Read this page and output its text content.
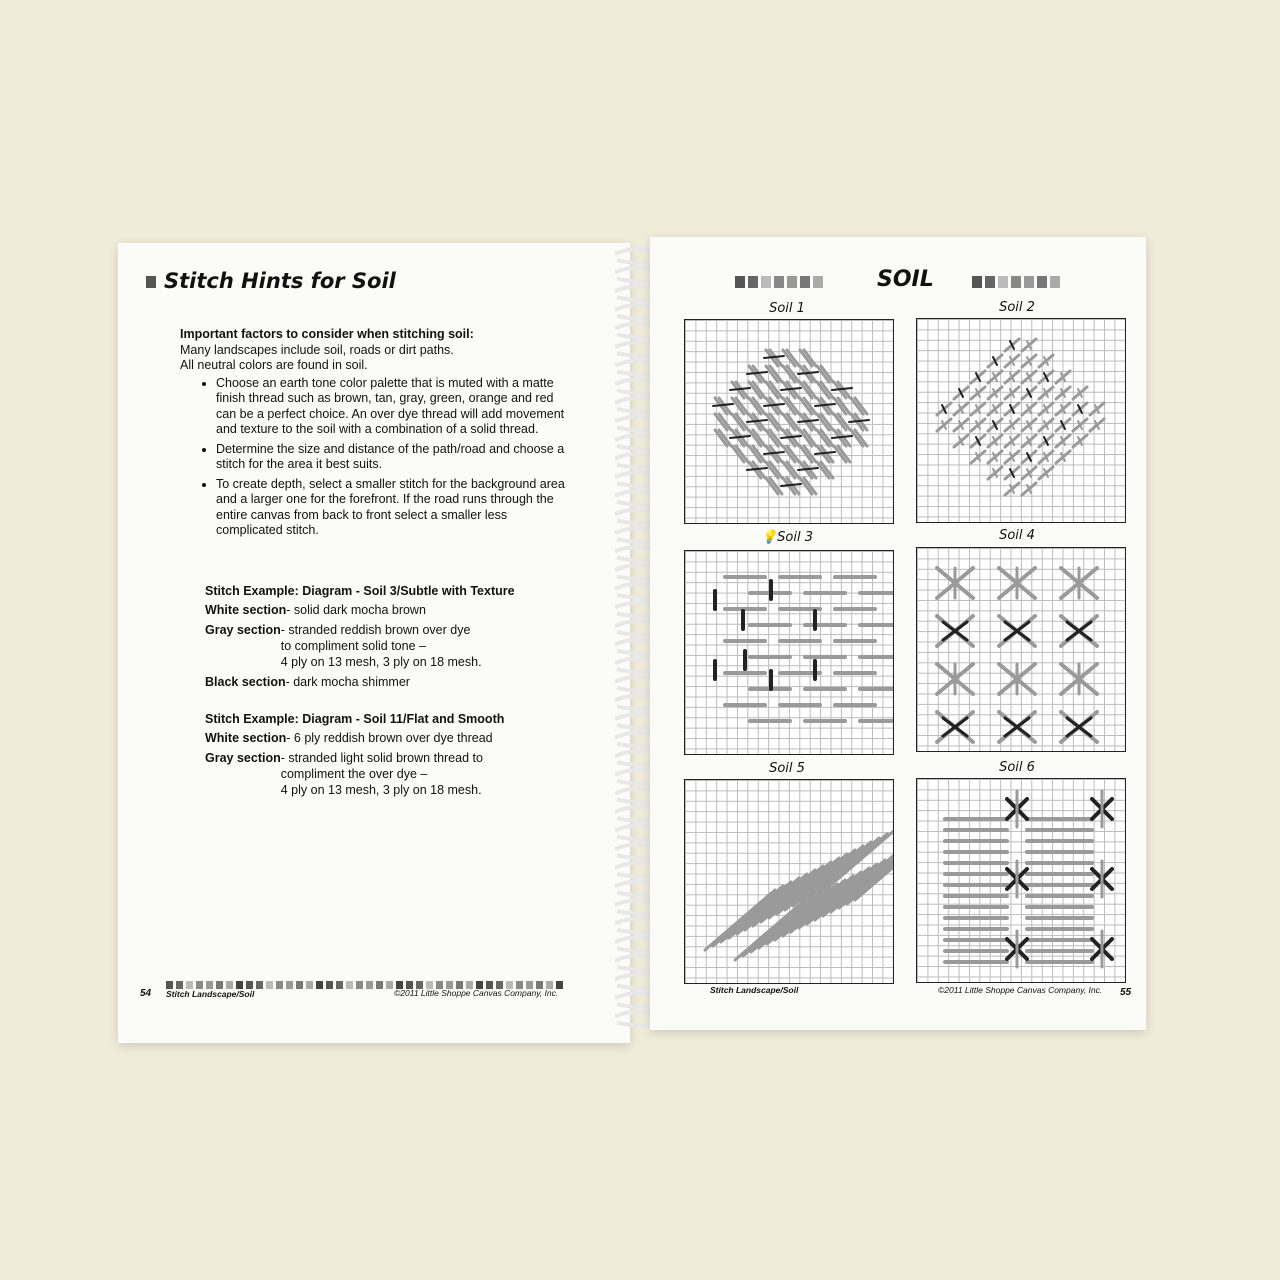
Stitch Hints for Soil
Important factors to consider when stitching soil:
Many landscapes include soil, roads or dirt paths.
All neutral colors are found in soil.
• Choose an earth tone color palette that is muted with a matte finish thread such as brown, tan, gray, green, orange and red can be a perfect choice. An over dye thread will add movement and texture to the soil with a combination of a solid thread.
• Determine the size and distance of the path/road and choose a stitch for the area it best suits.
• To create depth, select a smaller stitch for the background area and a larger one for the forefront. If the road runs through the entire canvas from back to front select a smaller less complicated stitch.
Stitch Example: Diagram - Soil 3/Subtle with Texture
White section - solid dark mocha brown
Gray section - stranded reddish brown over dye
to compliment solid tone –
4 ply on 13 mesh, 3 ply on 18 mesh.
Black section - dark mocha shimmer
Stitch Example: Diagram - Soil 11/Flat and Smooth
White section - 6 ply reddish brown over dye thread
Gray section - stranded light solid brown thread to
compliment the over dye –
4 ply on 13 mesh, 3 ply on 18 mesh.
54 Stitch Landscape/Soil	©2011 Little Shoppe Canvas Company, Inc.
SOIL
Soil 1	Soil 2
💡Soil 3	Soil 4
Soil 5	Soil 6
Stitch Landscape/Soil	©2011 Little Shoppe Canvas Company, Inc. 55
